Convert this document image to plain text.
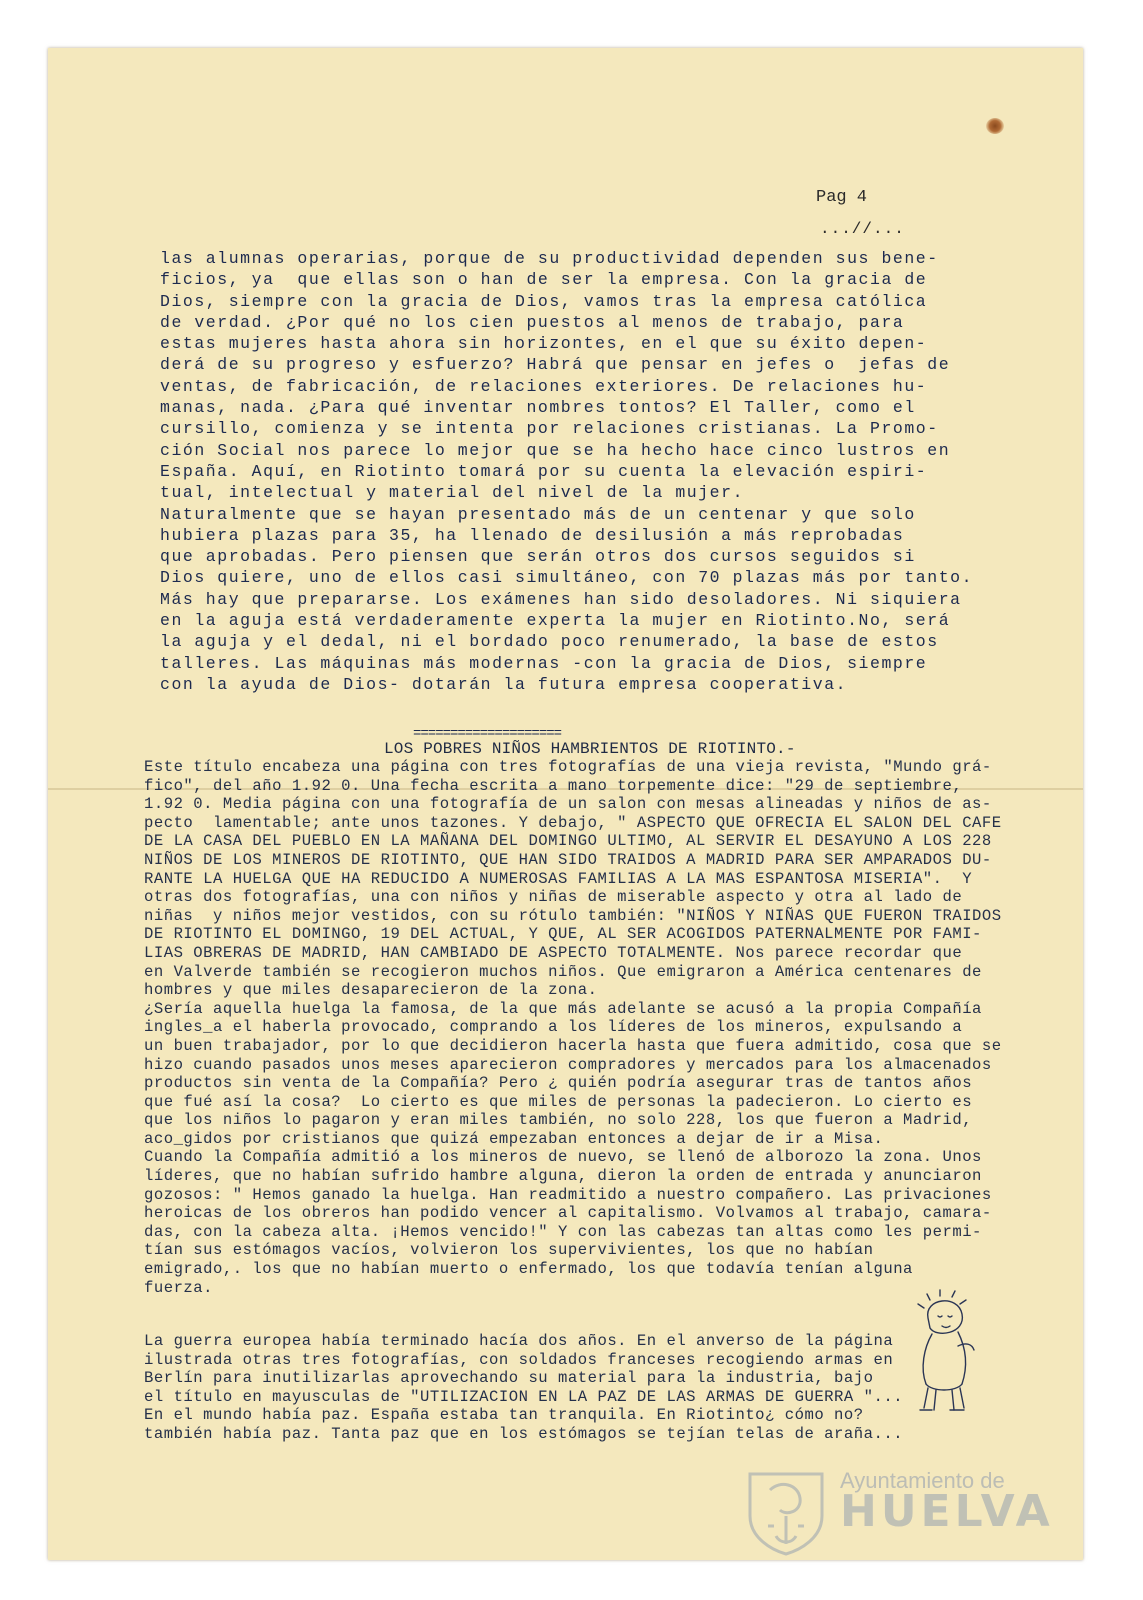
Pag 4

...//...

las alumnas operarias, porque de su productividad dependen sus bene-

ficios, ya  que ellas son o han de ser la empresa. Con la gracia de

Dios, siempre con la gracia de Dios, vamos tras la empresa católica

de verdad. ¿Por qué no los cien puestos al menos de trabajo, para

estas mujeres hasta ahora sin horizontes, en el que su éxito depen-

derá de su progreso y esfuerzo? Habrá que pensar en jefes o  jefas de

ventas, de fabricación, de relaciones exteriores. De relaciones hu-

manas, nada. ¿Para qué inventar nombres tontos? El Taller, como el

cursillo, comienza y se intenta por relaciones cristianas. La Promo-

ción Social nos parece lo mejor que se ha hecho hace cinco lustros en

España. Aquí, en Riotinto tomará por su cuenta la elevación espiri-

tual, intelectual y material del nivel de la mujer.

Naturalmente que se hayan presentado más de un centenar y que solo

hubiera plazas para 35, ha llenado de desilusión a más reprobadas

que aprobadas. Pero piensen que serán otros dos cursos seguidos si

Dios quiere, uno de ellos casi simultáneo, con 70 plazas más por tanto.

Más hay que prepararse. Los exámenes han sido desoladores. Ni siquiera

en la aguja está verdaderamente experta la mujer en Riotinto.No, será

la aguja y el dedal, ni el bordado poco renumerado, la base de estos

talleres. Las máquinas más modernas -con la gracia de Dios, siempre

con la ayuda de Dios- dotarán la futura empresa cooperativa.

====================

LOS POBRES NIÑOS HAMBRIENTOS DE RIOTINTO.-

Este título encabeza una página con tres fotografías de una vieja revista, "Mundo grá-

fico", del año 1.92 0. Una fecha escrita a mano torpemente dice: "29 de septiembre,

1.92 0. Media página con una fotografía de un salon con mesas alineadas y niños de as-

pecto  lamentable; ante unos tazones. Y debajo, " ASPECTO QUE OFRECIA EL SALON DEL CAFE

DE LA CASA DEL PUEBLO EN LA MAÑANA DEL DOMINGO ULTIMO, AL SERVIR EL DESAYUNO A LOS 228

NIÑOS DE LOS MINEROS DE RIOTINTO, QUE HAN SIDO TRAIDOS A MADRID PARA SER AMPARADOS DU-

RANTE LA HUELGA QUE HA REDUCIDO A NUMEROSAS FAMILIAS A LA MAS ESPANTOSA MISERIA".  Y

otras dos fotografías, una con niños y niñas de miserable aspecto y otra al lado de

niñas  y niños mejor vestidos, con su rótulo también: "NIÑOS Y NIÑAS QUE FUERON TRAIDOS

DE RIOTINTO EL DOMINGO, 19 DEL ACTUAL, Y QUE, AL SER ACOGIDOS PATERNALMENTE POR FAMI-

LIAS OBRERAS DE MADRID, HAN CAMBIADO DE ASPECTO TOTALMENTE. Nos parece recordar que

en Valverde también se recogieron muchos niños. Que emigraron a América centenares de

hombres y que miles desaparecieron de la zona.

¿Sería aquella huelga la famosa, de la que más adelante se acusó a la propia Compañía

ingles_a el haberla provocado, comprando a los líderes de los mineros, expulsando a

un buen trabajador, por lo que decidieron hacerla hasta que fuera admitido, cosa que se

hizo cuando pasados unos meses aparecieron compradores y mercados para los almacenados

productos sin venta de la Compañía? Pero ¿ quién podría asegurar tras de tantos años

que fué así la cosa?  Lo cierto es que miles de personas la padecieron. Lo cierto es

que los niños lo pagaron y eran miles también, no solo 228, los que fueron a Madrid,

aco_gidos por cristianos que quizá empezaban entonces a dejar de ir a Misa.

Cuando la Compañía admitió a los mineros de nuevo, se llenó de alborozo la zona. Unos

líderes, que no habían sufrido hambre alguna, dieron la orden de entrada y anunciaron

gozosos: " Hemos ganado la huelga. Han readmitido a nuestro compañero. Las privaciones

heroicas de los obreros han podido vencer al capitalismo. Volvamos al trabajo, camara-

das, con la cabeza alta. ¡Hemos vencido!" Y con las cabezas tan altas como les permi-

tían sus estómagos vacíos, volvieron los supervivientes, los que no habían

emigrado,. los que no habían muerto o enfermado, los que todavía tenían alguna

fuerza.

La guerra europea había terminado hacía dos años. En el anverso de la página

ilustrada otras tres fotografías, con soldados franceses recogiendo armas en

Berlín para inutilizarlas aprovechando su material para la industria, bajo

el título en mayusculas de "UTILIZACION EN LA PAZ DE LAS ARMAS DE GUERRA "...

En el mundo había paz. España estaba tan tranquila. En Riotinto¿ cómo no?

también había paz. Tanta paz que en los estómagos se tejían telas de araña...

Ayuntamiento de
HUELVA
